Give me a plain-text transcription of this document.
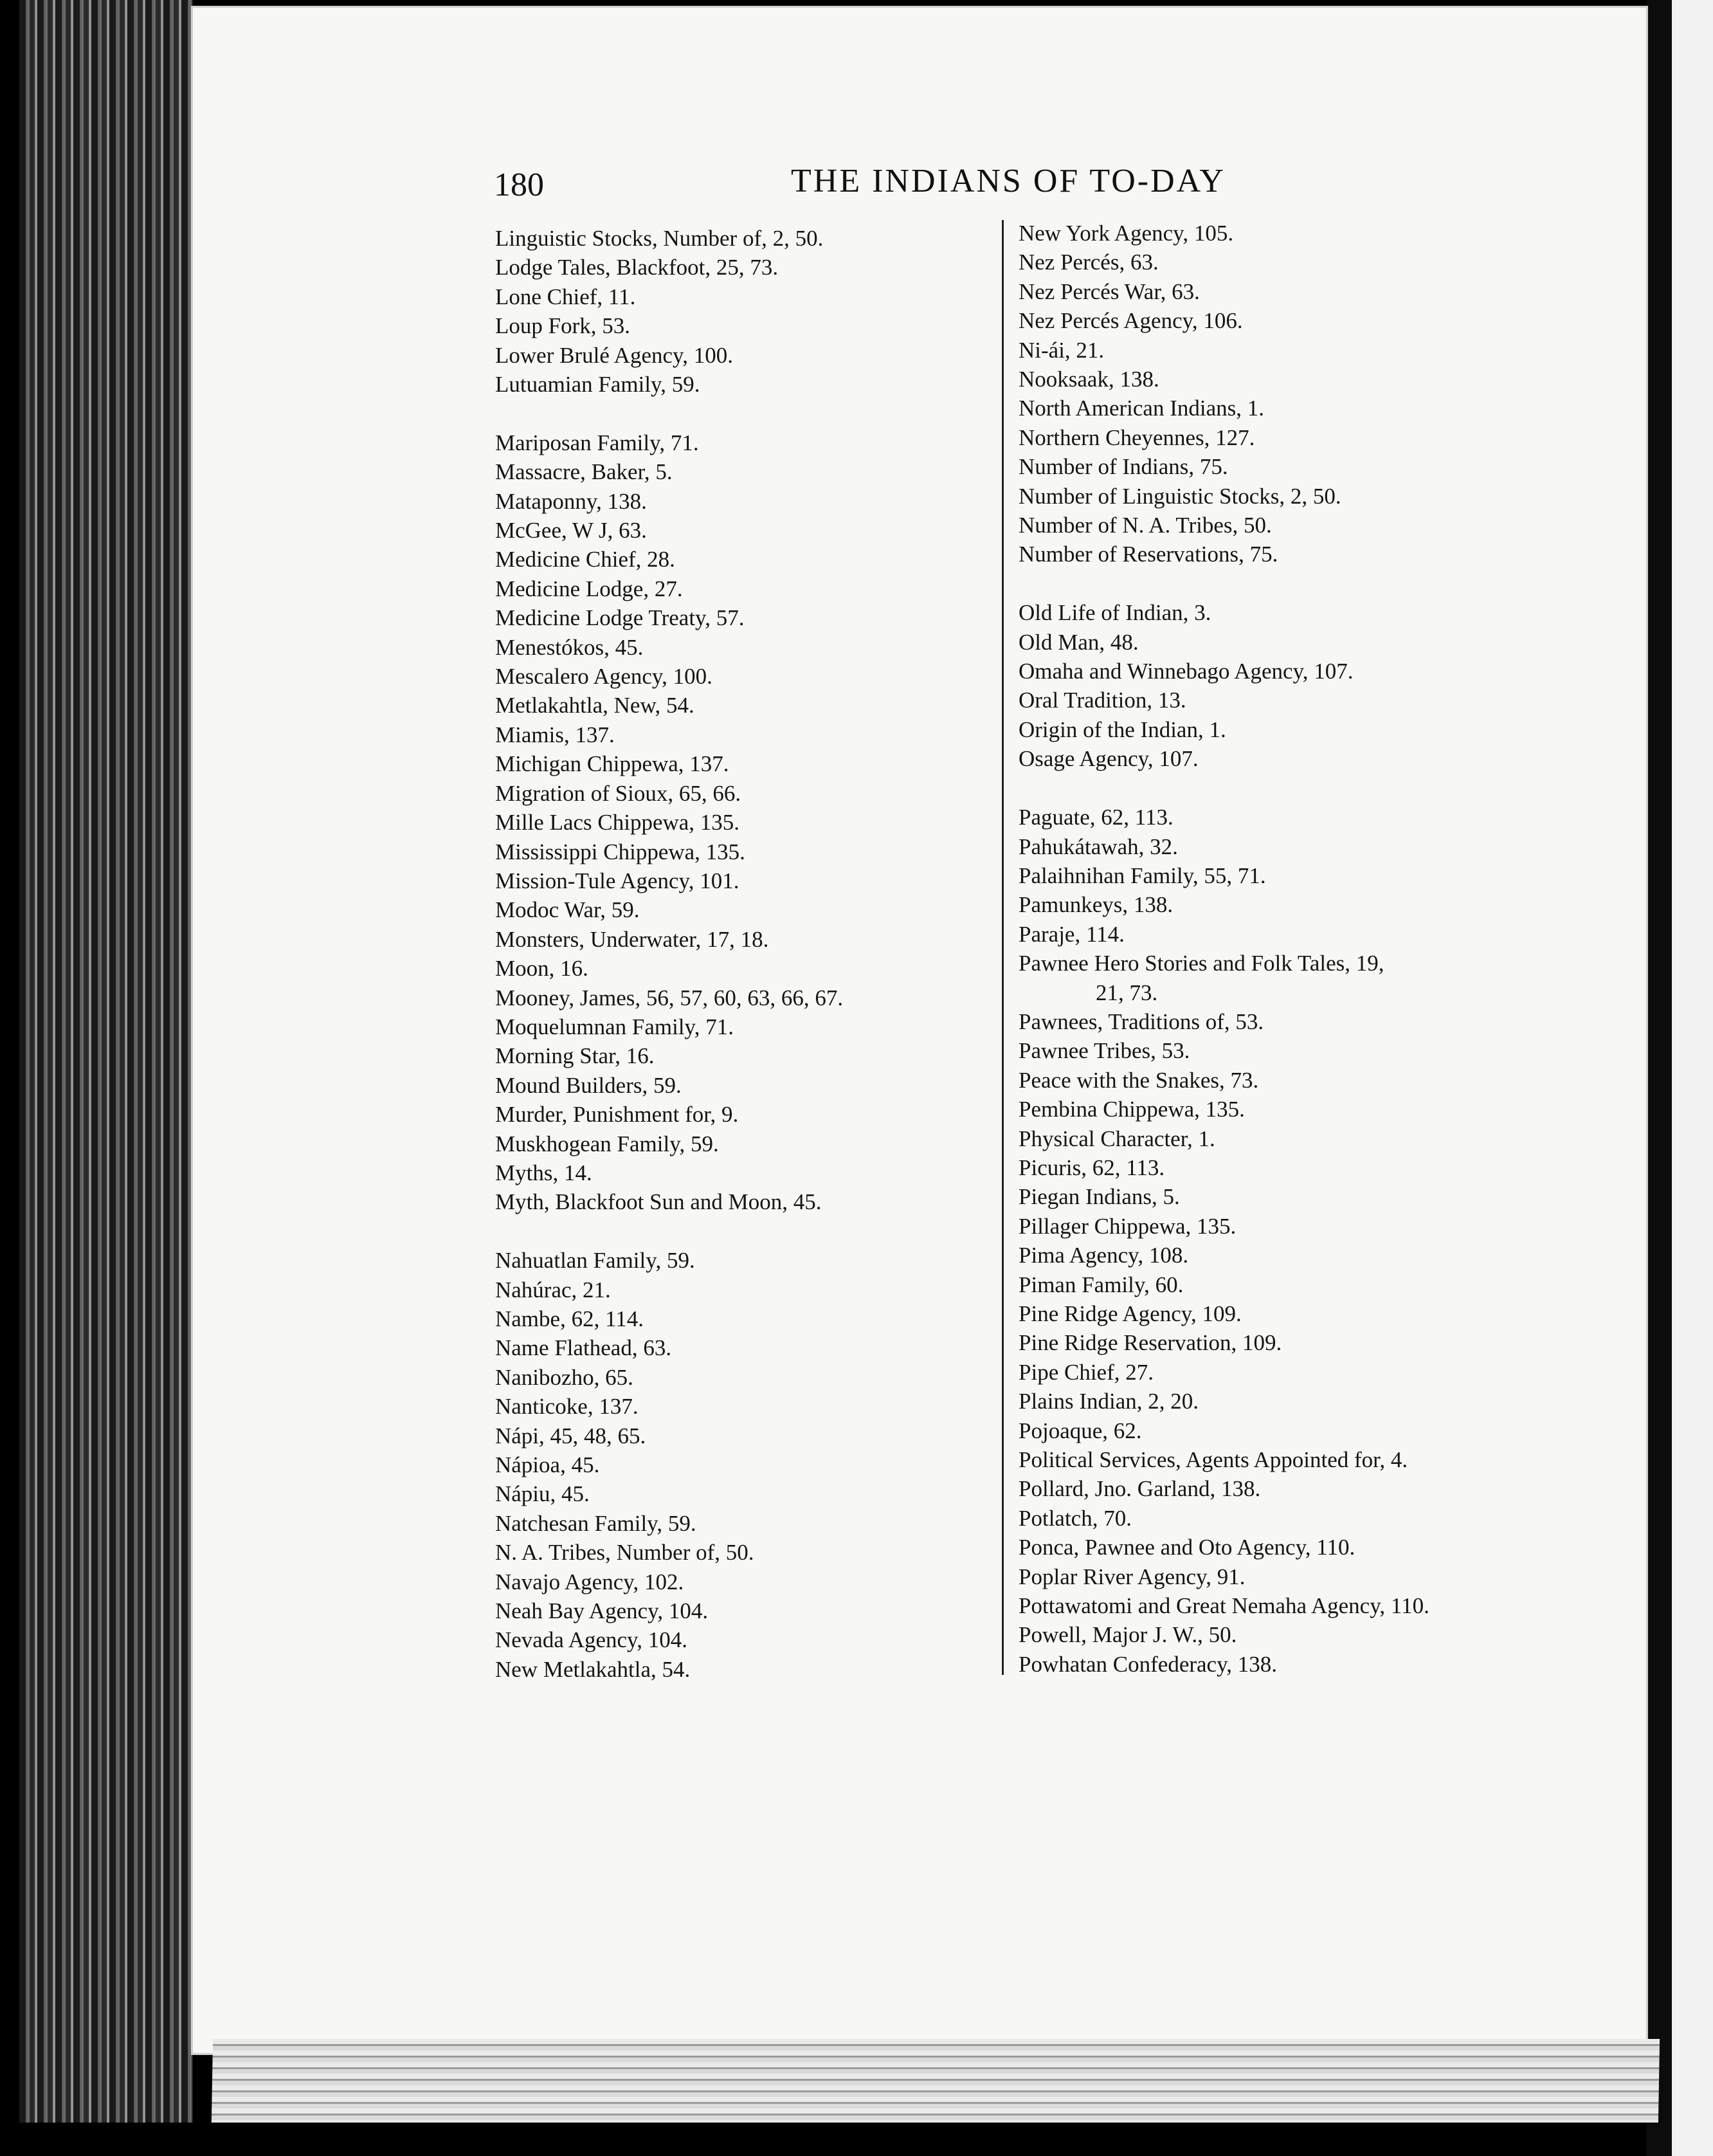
180	THE INDIANS OF TO-DAY
Linguistic Stocks, Number of, 2, 50.
Lodge Tales, Blackfoot, 25, 73.
Lone Chief, 11.
Loup Fork, 53.
Lower Brulé Agency, 100.
Lutuamian Family, 59.
Mariposan Family, 71.
Massacre, Baker, 5.
Mataponny, 138.
McGee, W J, 63.
Medicine Chief, 28.
Medicine Lodge, 27.
Medicine Lodge Treaty, 57.
Menestókos, 45.
Mescalero Agency, 100.
Metlakahtla, New, 54.
Miamis, 137.
Michigan Chippewa, 137.
Migration of Sioux, 65, 66.
Mille Lacs Chippewa, 135.
Mississippi Chippewa, 135.
Mission-Tule Agency, 101.
Modoc War, 59.
Monsters, Underwater, 17, 18.
Moon, 16.
Mooney, James, 56, 57, 60, 63, 66, 67.
Moquelumnan Family, 71.
Morning Star, 16.
Mound Builders, 59.
Murder, Punishment for, 9.
Muskhogean Family, 59.
Myths, 14.
Myth, Blackfoot Sun and Moon, 45.
Nahuatlan Family, 59.
Nahúrac, 21.
Nambe, 62, 114.
Name Flathead, 63.
Nanibozho, 65.
Nanticoke, 137.
Nápi, 45, 48, 65.
Nápioa, 45.
Nápiu, 45.
Natchesan Family, 59.
N. A. Tribes, Number of, 50.
Navajo Agency, 102.
Neah Bay Agency, 104.
Nevada Agency, 104.
New Metlakahtla, 54.
New York Agency, 105.
Nez Percés, 63.
Nez Percés War, 63.
Nez Percés Agency, 106.
Ni-ái, 21.
Nooksaak, 138.
North American Indians, 1.
Northern Cheyennes, 127.
Number of Indians, 75.
Number of Linguistic Stocks, 2, 50.
Number of N. A. Tribes, 50.
Number of Reservations, 75.
Old Life of Indian, 3.
Old Man, 48.
Omaha and Winnebago Agency, 107.
Oral Tradition, 13.
Origin of the Indian, 1.
Osage Agency, 107.
Paguate, 62, 113.
Pahukátawah, 32.
Palaihnihan Family, 55, 71.
Pamunkeys, 138.
Paraje, 114.
Pawnee Hero Stories and Folk Tales, 19,
21, 73.
Pawnees, Traditions of, 53.
Pawnee Tribes, 53.
Peace with the Snakes, 73.
Pembina Chippewa, 135.
Physical Character, 1.
Picuris, 62, 113.
Piegan Indians, 5.
Pillager Chippewa, 135.
Pima Agency, 108.
Piman Family, 60.
Pine Ridge Agency, 109.
Pine Ridge Reservation, 109.
Pipe Chief, 27.
Plains Indian, 2, 20.
Pojoaque, 62.
Political Services, Agents Appointed for, 4.
Pollard, Jno. Garland, 138.
Potlatch, 70.
Ponca, Pawnee and Oto Agency, 110.
Poplar River Agency, 91.
Pottawatomi and Great Nemaha Agency, 110.
Powell, Major J. W., 50.
Powhatan Confederacy, 138.
